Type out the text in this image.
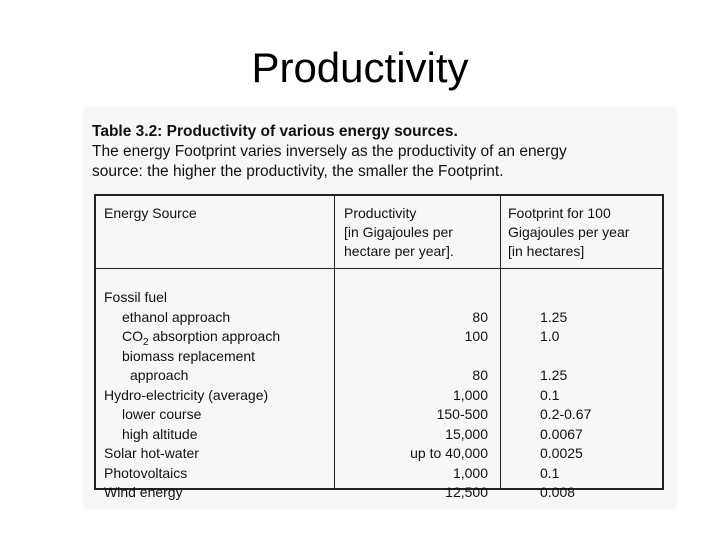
Productivity
Table 3.2: Productivity of various energy sources.
The energy Footprint varies inversely as the productivity of an energy
source: the higher the productivity, the smaller the Footprint.
Energy Source	Productivity
[in Gigajoules per
hectare per year].
Footprint for 100
Gigajoules per year
[in hectares]
Fossil fuel
ethanol approach
$CO_2$ absorption approach
biomass replacement
approach
Hydro-electricity (average)
lower course
high altitude
Solar hot-water
Photovoltaics
Wind energy
80
100
80
1,000
150-500
15,000
up to 40,000
1,000
12,500
1.25
1.0
1.25
0.1
0.2-0.67
0.0067
0.0025
0.1
0.008
